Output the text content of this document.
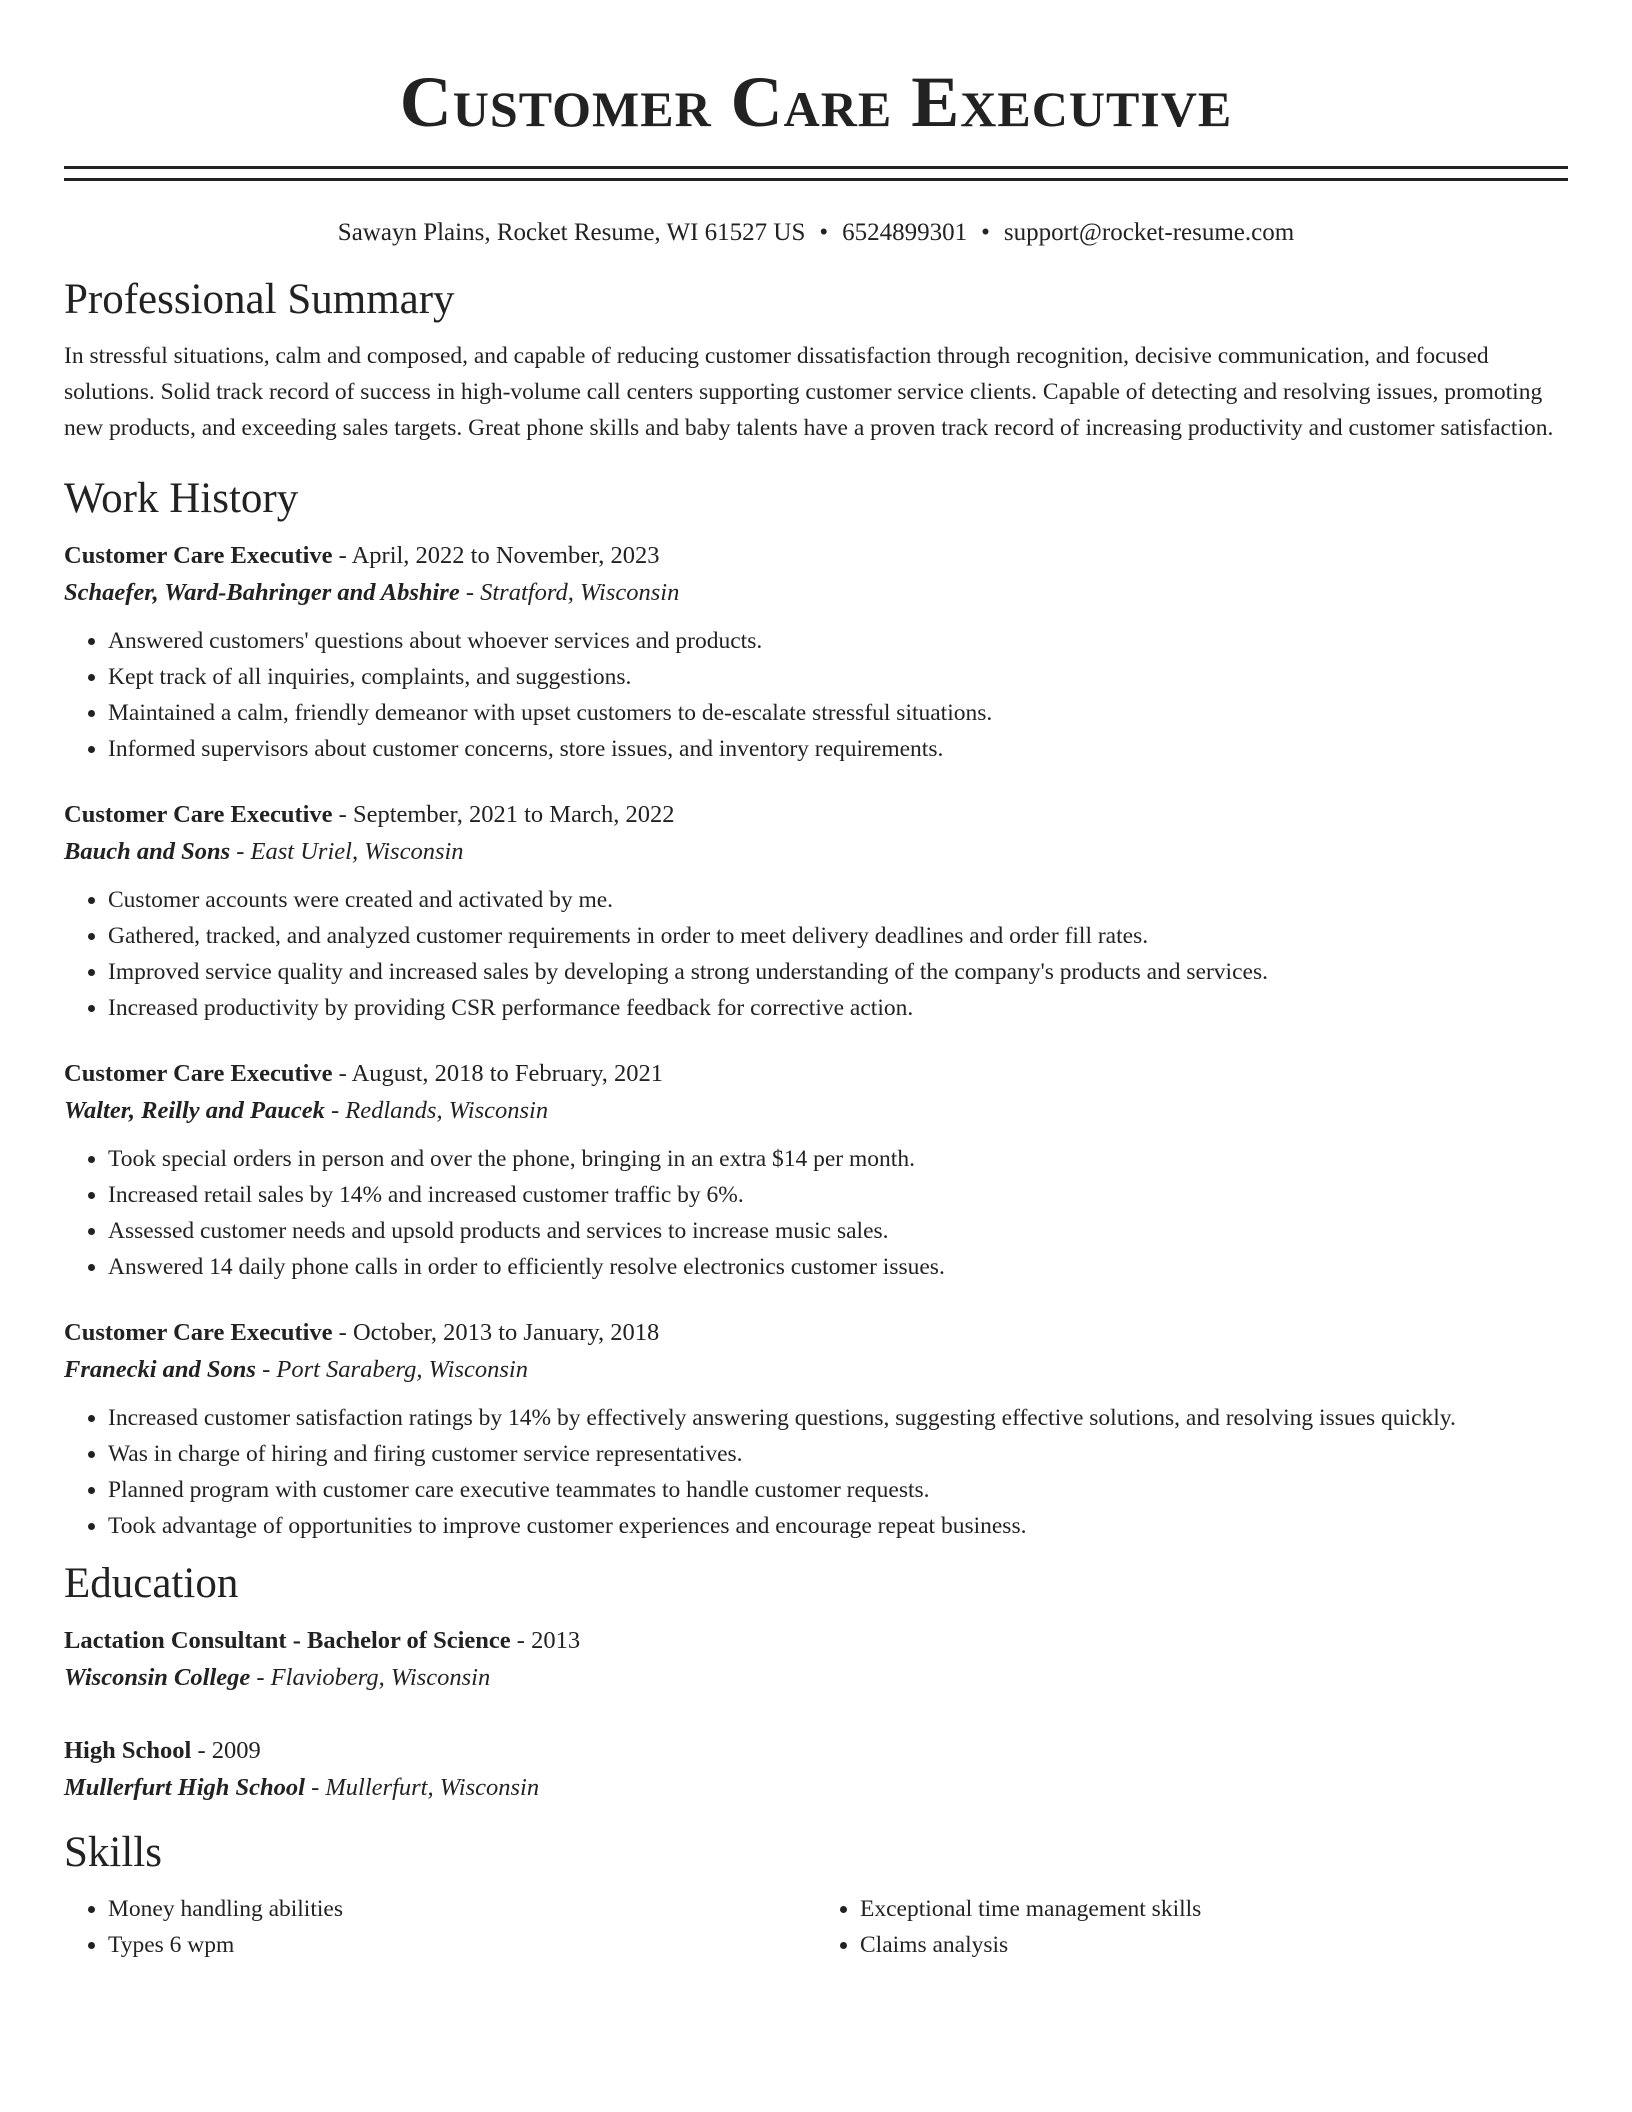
Customer Care Executive
Sawayn Plains, Rocket Resume, WI 61527 US • 6524899301 • support@rocket-resume.com
Professional Summary

In stressful situations, calm and composed, and capable of reducing customer dissatisfaction through recognition, decisive communication, and focused solutions. Solid track record of success in high-volume call centers supporting customer service clients. Capable of detecting and resolving issues, promoting new products, and exceeding sales targets. Great phone skills and baby talents have a proven track record of increasing productivity and customer satisfaction.

Work History
Customer Care Executive - April, 2022 to November, 2023
Schaefer, Ward-Bahringer and Abshire - Stratford, Wisconsin
• Answered customers' questions about whoever services and products.
• Kept track of all inquiries, complaints, and suggestions.
• Maintained a calm, friendly demeanor with upset customers to de-escalate stressful situations.
• Informed supervisors about customer concerns, store issues, and inventory requirements.
Customer Care Executive - September, 2021 to March, 2022
Bauch and Sons - East Uriel, Wisconsin
• Customer accounts were created and activated by me.
• Gathered, tracked, and analyzed customer requirements in order to meet delivery deadlines and order fill rates.
• Improved service quality and increased sales by developing a strong understanding of the company's products and services.
• Increased productivity by providing CSR performance feedback for corrective action.
Customer Care Executive - August, 2018 to February, 2021
Walter, Reilly and Paucek - Redlands, Wisconsin
• Took special orders in person and over the phone, bringing in an extra $14 per month.
• Increased retail sales by 14% and increased customer traffic by 6%.
• Assessed customer needs and upsold products and services to increase music sales.
• Answered 14 daily phone calls in order to efficiently resolve electronics customer issues.
Customer Care Executive - October, 2013 to January, 2018
Franecki and Sons - Port Saraberg, Wisconsin
• Increased customer satisfaction ratings by 14% by effectively answering questions, suggesting effective solutions, and resolving issues quickly.
• Was in charge of hiring and firing customer service representatives.
• Planned program with customer care executive teammates to handle customer requests.
• Took advantage of opportunities to improve customer experiences and encourage repeat business.
Education
Lactation Consultant - Bachelor of Science - 2013
Wisconsin College - Flavioberg, Wisconsin
High School - 2009
Mullerfurt High School - Mullerfurt, Wisconsin
Skills
• Money handling abilities
• Types 6 wpm
• Exceptional time management skills
• Claims analysis
